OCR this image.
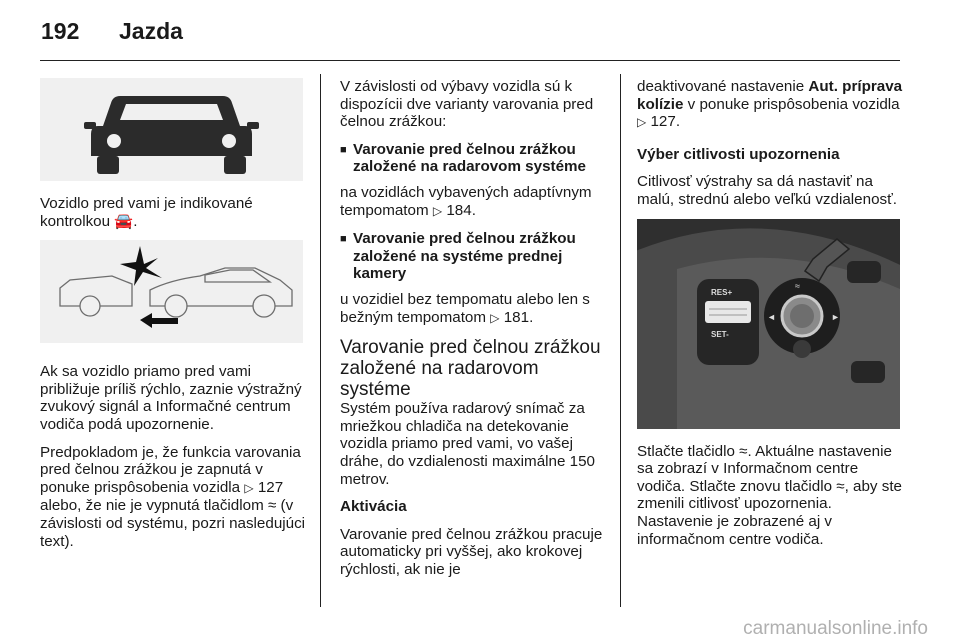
192 Jazda

Vozidlo pred vami je indikované kontrolkou 🚘.

Ak sa vozidlo priamo pred vami približuje príliš rýchlo, zaznie výstražný zvukový signál a Informačné centrum vodiča podá upozornenie.

Predpokladom je, že funkcia varovania pred čelnou zrážkou je zapnutá v ponuke prispôsobenia vozidla ▷ 127 alebo, že nie je vypnutá tlačidlom ≈ (v závislosti od systému, pozri nasledujúci text).

V závislosti od výbavy vozidla sú k dispozícii dve varianty varovania pred čelnou zrážkou:

■ Varovanie pred čelnou zrážkou založené na radarovom systéme

na vozidlách vybavených adaptívnym tempomatom ▷ 184.

■ Varovanie pred čelnou zrážkou založené na systéme prednej kamery

u vozidiel bez tempomatu alebo len s bežným tempomatom ▷ 181.

Varovanie pred čelnou zrážkou založené na radarovom systéme

Systém používa radarový snímač za mriežkou chladiča na detekovanie vozidla priamo pred vami, vo vašej dráhe, do vzdialenosti maximálne 150 metrov.

Aktivácia

Varovanie pred čelnou zrážkou pracuje automaticky pri vyššej, ako krokovej rýchlosti, ak nie je

deaktivované nastavenie Aut. príprava kolízie v ponuke prispôsobenia vozidla ▷ 127.

Výber citlivosti upozornenia

Citlivosť výstrahy sa dá nastaviť na malú, strednú alebo veľkú vzdialenosť.

RES+
SET-
≈
◄	►

Stlačte tlačidlo ≈. Aktuálne nastavenie sa zobrazí v Informačnom centre vodiča. Stlačte znovu tlačidlo ≈, aby ste zmenili citlivosť upozornenia. Nastavenie je zobrazené aj v informačnom centre vodiča.

carmanualsonline.info
